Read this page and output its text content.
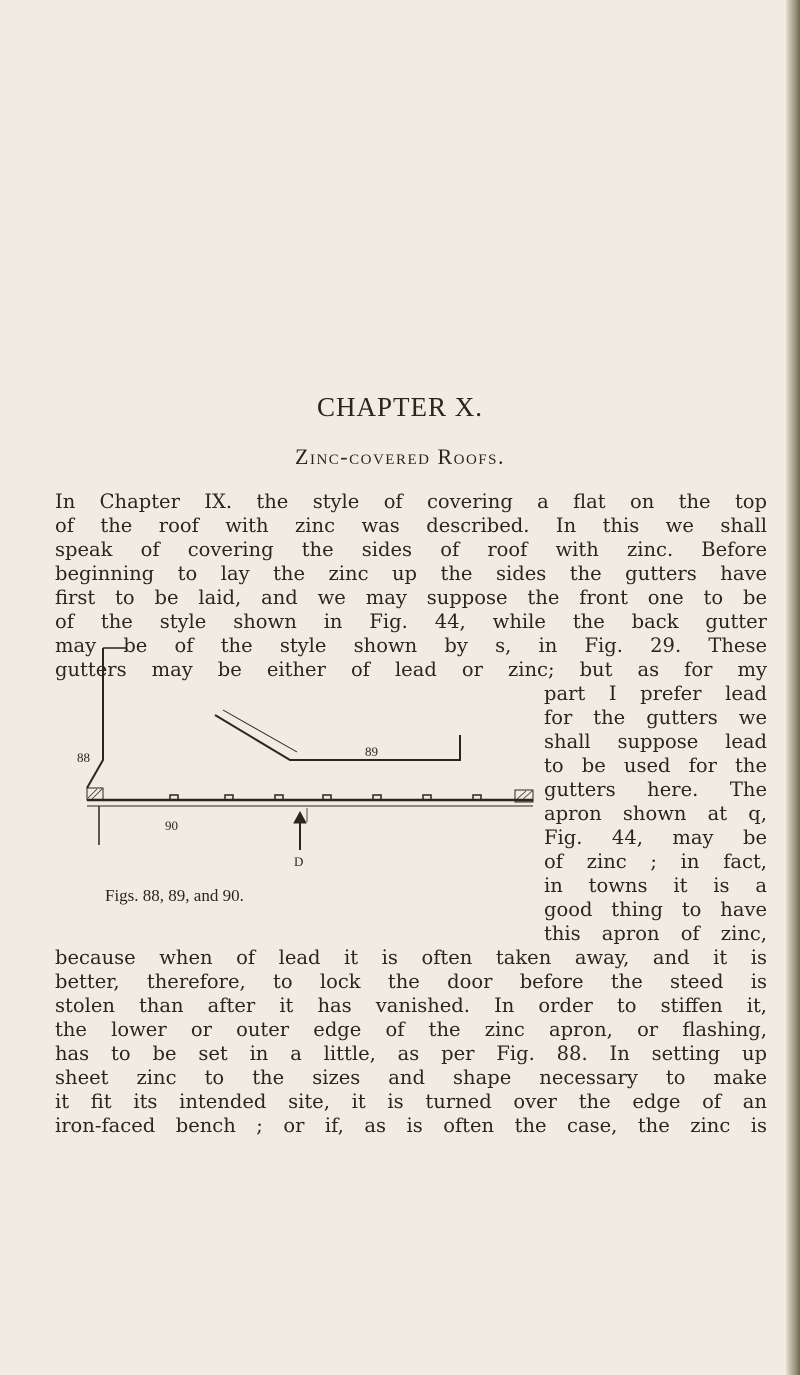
CHAPTER X.
Zinc-covered Roofs.
In Chapter IX. the style of covering a flat on the top
of the roof with zinc was described. In this we shall
speak of covering the sides of roof with zinc. Before
beginning to lay the zinc up the sides the gutters have
first to be laid, and we may suppose the front one to be
of the style shown in Fig. 44, while the back gutter
may be of the style shown by s, in Fig. 29. These
gutters may be either of lead or zinc; but as for my
part I prefer lead
for the gutters we
shall suppose lead
to be used for the
gutters here. The
apron shown at q,
Fig. 44, may be
of zinc ; in fact,
in towns it is a
good thing to have
this apron of zinc,
88	89
90
D
Figs. 88, 89, and 90.
because when of lead it is often taken away, and it is
better, therefore, to lock the door before the steed is
stolen than after it has vanished. In order to stiffen it,
the lower or outer edge of the zinc apron, or flashing,
has to be set in a little, as per Fig. 88. In setting up
sheet zinc to the sizes and shape necessary to make
it fit its intended site, it is turned over the edge of an
iron-faced bench ; or if, as is often the case, the zinc is
